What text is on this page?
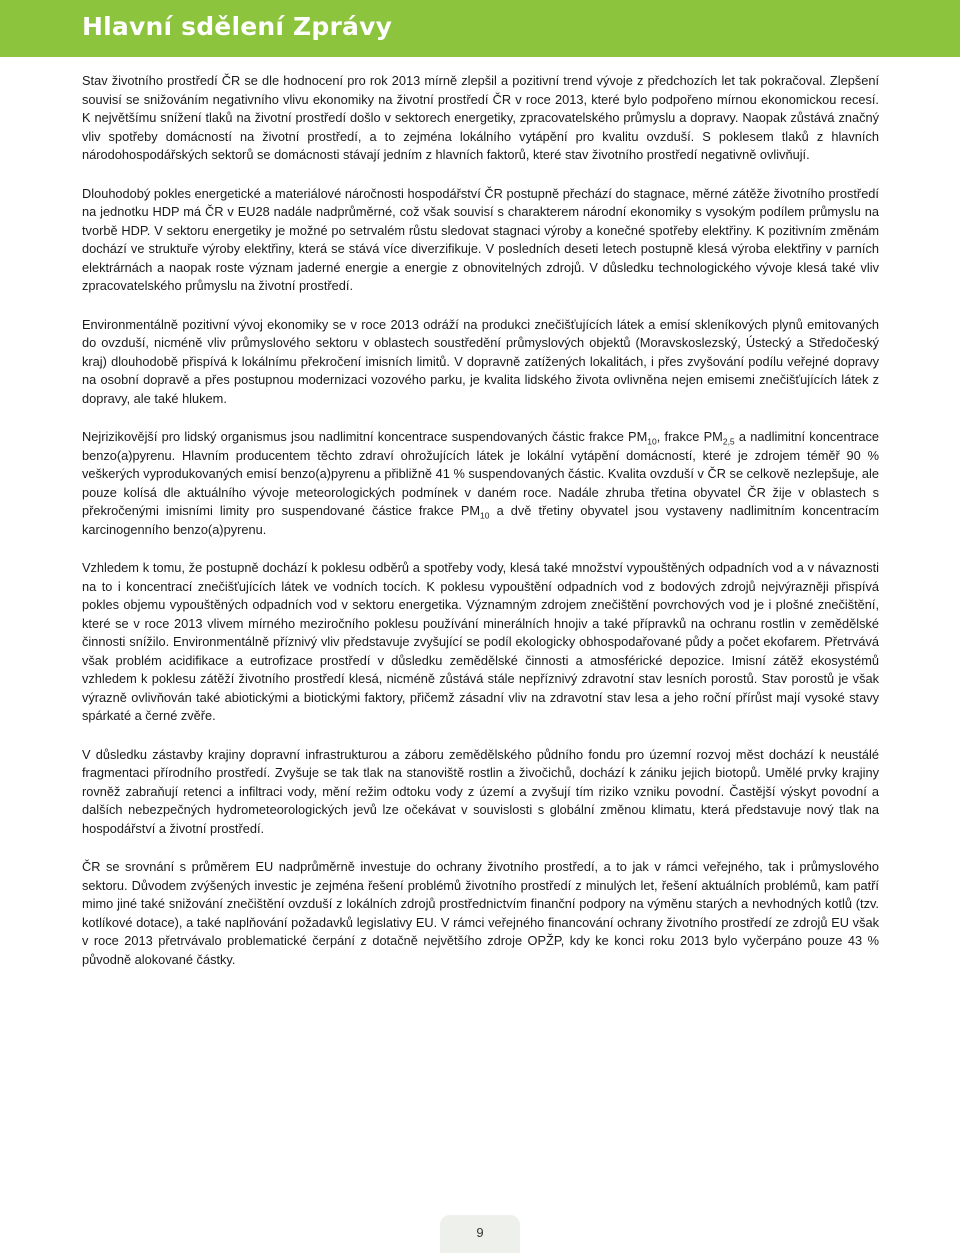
Hlavní sdělení Zprávy

Stav životního prostředí ČR se dle hodnocení pro rok 2013 mírně zlepšil a pozitivní trend vývoje z předchozích let tak pokračoval. Zlepšení souvisí se snižováním negativního vlivu ekonomiky na životní prostředí ČR v roce 2013, které bylo podpořeno mírnou ekonomickou recesí. K největšímu snížení tlaků na životní prostředí došlo v sektorech energetiky, zpracovatelského průmyslu a dopravy. Naopak zůstává značný vliv spotřeby domácností na životní prostředí, a to zejména lokálního vytápění pro kvalitu ovzduší. S poklesem tlaků z hlavních národohospodářských sektorů se domácnosti stávají jedním z hlavních faktorů, které stav životního prostředí negativně ovlivňují.

Dlouhodobý pokles energetické a materiálové náročnosti hospodářství ČR postupně přechází do stagnace, měrné zátěže životního prostředí na jednotku HDP má ČR v EU28 nadále nadprůměrné, což však souvisí s charakterem národní ekonomiky s vysokým podílem průmyslu na tvorbě HDP. V sektoru energetiky je možné po setrvalém růstu sledovat stagnaci výroby a konečné spotřeby elektřiny. K pozitivním změnám dochází ve struktuře výroby elektřiny, která se stává více diverzifikuje. V posledních deseti letech postupně klesá výroba elektřiny v parních elektrárnách a naopak roste význam jaderné energie a energie z obnovitelných zdrojů. V důsledku technologického vývoje klesá také vliv zpracovatelského průmyslu na životní prostředí.

Environmentálně pozitivní vývoj ekonomiky se v roce 2013 odráží na produkci znečišťujících látek a emisí skleníkových plynů emitovaných do ovzduší, nicméně vliv průmyslového sektoru v oblastech soustředění průmyslových objektů (Moravskoslezský, Ústecký a Středočeský kraj) dlouhodobě přispívá k lokálnímu překročení imisních limitů. V dopravně zatížených lokalitách, i přes zvyšování podílu veřejné dopravy na osobní dopravě a přes postupnou modernizaci vozového parku, je kvalita lidského života ovlivněna nejen emisemi znečišťujících látek z dopravy, ale také hlukem.

Nejrizikovější pro lidský organismus jsou nadlimitní koncentrace suspendovaných částic frakce $PM_{10}$, frakce $PM_{2,5}$ a nadlimitní koncentrace benzo(a)pyrenu. Hlavním producentem těchto zdraví ohrožujících látek je lokální vytápění domácností, které je zdrojem téměř 90 % veškerých vyprodukovaných emisí benzo(a)pyrenu a přibližně 41 % suspendovaných částic. Kvalita ovzduší v ČR se celkově nezlepšuje, ale pouze kolísá dle aktuálního vývoje meteorologických podmínek v daném roce. Nadále zhruba třetina obyvatel ČR žije v oblastech s překročenými imisními limity pro suspendované částice frakce $PM_{10}$ a dvě třetiny obyvatel jsou vystaveny nadlimitním koncentracím karcinogenního benzo(a)pyrenu.

Vzhledem k tomu, že postupně dochází k poklesu odběrů a spotřeby vody, klesá také množství vypouštěných odpadních vod a v návaznosti na to i koncentrací znečišťujících látek ve vodních tocích. K poklesu vypouštění odpadních vod z bodových zdrojů nejvýrazněji přispívá pokles objemu vypouštěných odpadních vod v sektoru energetika. Významným zdrojem znečištění povrchových vod je i plošné znečištění, které se v roce 2013 vlivem mírného meziročního poklesu používání minerálních hnojiv a také přípravků na ochranu rostlin v zemědělské činnosti snížilo. Environmentálně příznivý vliv představuje zvyšující se podíl ekologicky obhospodařované půdy a počet ekofarem. Přetrvává však problém acidifikace a eutrofizace prostředí v důsledku zemědělské činnosti a atmosférické depozice. Imisní zátěž ekosystémů vzhledem k poklesu zátěží životního prostředí klesá, nicméně zůstává stále nepříznivý zdravotní stav lesních porostů. Stav porostů je však výrazně ovlivňován také abiotickými a biotickými faktory, přičemž zásadní vliv na zdravotní stav lesa a jeho roční přírůst mají vysoké stavy spárkaté a černé zvěře.

V důsledku zástavby krajiny dopravní infrastrukturou a záboru zemědělského půdního fondu pro územní rozvoj měst dochází k neustálé fragmentaci přírodního prostředí. Zvyšuje se tak tlak na stanoviště rostlin a živočichů, dochází k zániku jejich biotopů. Umělé prvky krajiny rovněž zabraňují retenci a infiltraci vody, mění režim odtoku vody z území a zvyšují tím riziko vzniku povodní. Častější výskyt povodní a dalších nebezpečných hydrometeorologických jevů lze očekávat v souvislosti s globální změnou klimatu, která představuje nový tlak na hospodářství a životní prostředí.

ČR se srovnání s průměrem EU nadprůměrně investuje do ochrany životního prostředí, a to jak v rámci veřejného, tak i průmyslového sektoru. Důvodem zvýšených investic je zejména řešení problémů životního prostředí z minulých let, řešení aktuálních problémů, kam patří mimo jiné také snižování znečištění ovzduší z lokálních zdrojů prostřednictvím finanční podpory na výměnu starých a nevhodných kotlů (tzv. kotlíkové dotace), a také naplňování požadavků legislativy EU. V rámci veřejného financování ochrany životního prostředí ze zdrojů EU však v roce 2013 přetrvávalo problematické čerpání z dotačně největšího zdroje OPŽP, kdy ke konci roku 2013 bylo vyčerpáno pouze 43 % původně alokované částky.

9
